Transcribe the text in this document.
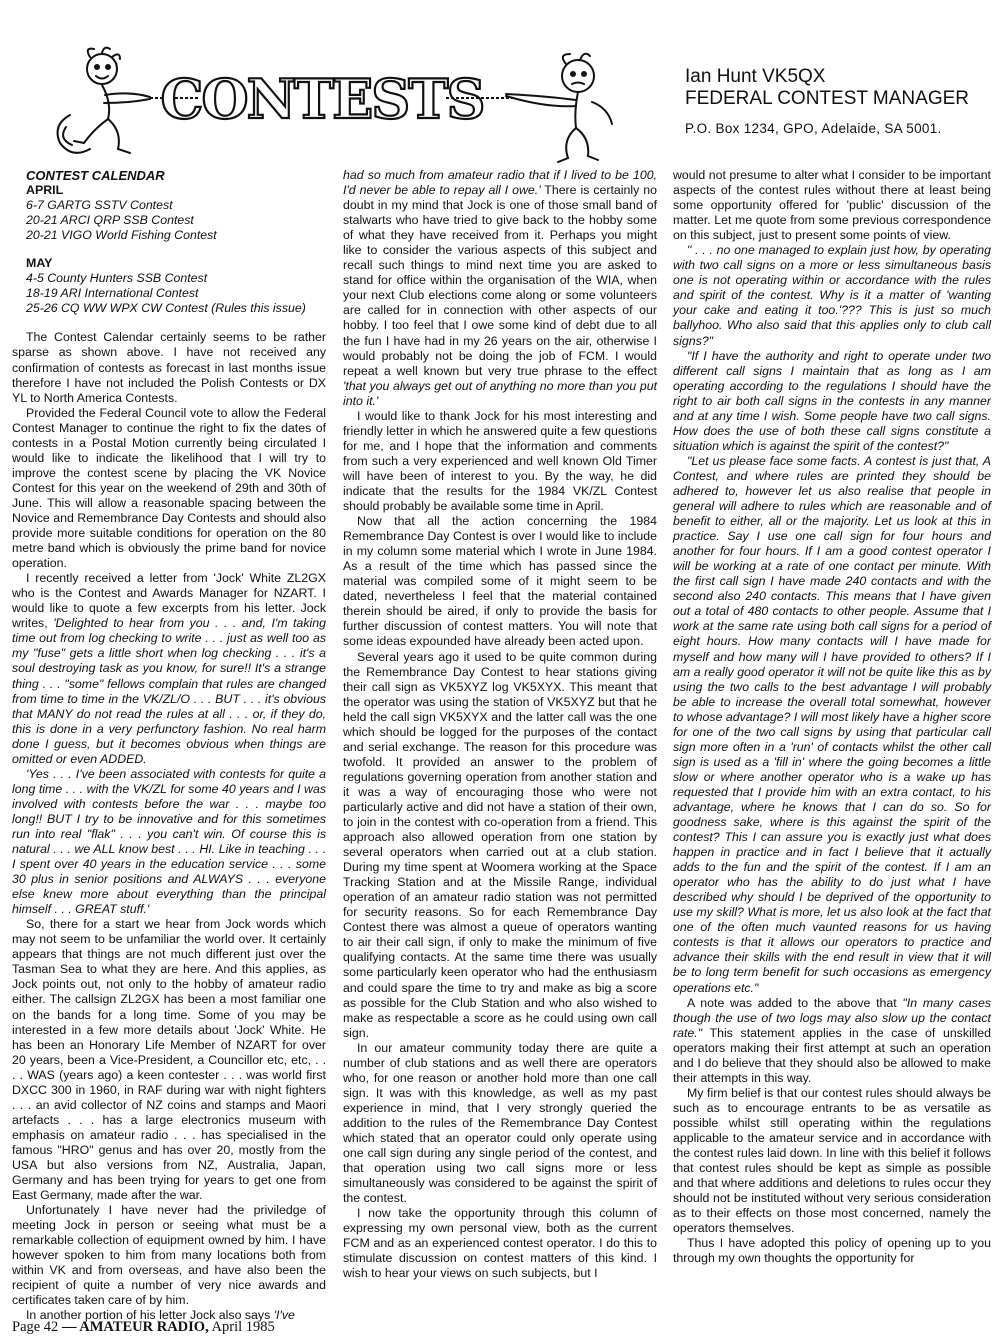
CONTESTS	Ian Hunt VK5QX

FEDERAL CONTEST MANAGER

P.O. Box 1234, GPO, Adelaide, SA 5001.

CONTEST CALENDAR

APRIL

6-7 GARTG SSTV Contest

20-21 ARCI QRP SSB Contest

20-21 VIGO World Fishing Contest

MAY

4-5 County Hunters SSB Contest

18-19 ARI International Contest

25-26 CQ WW WPX CW Contest (Rules this issue)

The Contest Calendar certainly seems to be rather sparse as shown above. I have not received any confirmation of contests as forecast in last months issue therefore I have not included the Polish Contests or DX YL to North America Contests.

Provided the Federal Council vote to allow the Federal Contest Manager to continue the right to fix the dates of contests in a Postal Motion currently being circulated I would like to indicate the likelihood that I will try to improve the contest scene by placing the VK Novice Contest for this year on the weekend of 29th and 30th of June. This will allow a reasonable spacing between the Novice and Remembrance Day Contests and should also provide more suitable conditions for operation on the 80 metre band which is obviously the prime band for novice operation.

I recently received a letter from 'Jock' White ZL2GX who is the Contest and Awards Manager for NZART. I would like to quote a few excerpts from his letter. Jock writes, 'Delighted to hear from you . . . and, I'm taking time out from log checking to write . . . just as well too as my "fuse" gets a little short when log checking . . . it's a soul destroying task as you know, for sure!! It's a strange thing . . . "some" fellows complain that rules are changed from time to time in the VK/ZL/O . . . BUT . . . it's obvious that MANY do not read the rules at all . . . or, if they do, this is done in a very perfunctory fashion. No real harm done I guess, but it becomes obvious when things are omitted or even ADDED.

'Yes . . . I've been associated with contests for quite a long time . . . with the VK/ZL for some 40 years and I was involved with contests before the war . . . maybe too long!! BUT I try to be innovative and for this sometimes run into real "flak" . . . you can't win. Of course this is natural . . . we ALL know best . . . HI. Like in teaching . . . I spent over 40 years in the education service . . . some 30 plus in senior positions and ALWAYS . . . everyone else knew more about everything than the principal himself . . . GREAT stuff.'

So, there for a start we hear from Jock words which may not seem to be unfamiliar the world over. It certainly appears that things are not much different just over the Tasman Sea to what they are here. And this applies, as Jock points out, not only to the hobby of amateur radio either. The callsign ZL2GX has been a most familiar one on the bands for a long time. Some of you may be interested in a few more details about 'Jock' White. He has been an Honorary Life Member of NZART for over 20 years, been a Vice-President, a Councillor etc, etc, . . . . WAS (years ago) a keen contester . . . was world first DXCC 300 in 1960, in RAF during war with night fighters . . . an avid collector of NZ coins and stamps and Maori artefacts . . . has a large electronics museum with emphasis on amateur radio . . . has specialised in the famous "HRO" genus and has over 20, mostly from the USA but also versions from NZ, Australia, Japan, Germany and has been trying for years to get one from East Germany, made after the war.

Unfortunately I have never had the priviledge of meeting Jock in person or seeing what must be a remarkable collection of equipment owned by him. I have however spoken to him from many locations both from within VK and from overseas, and have also been the recipient of quite a number of very nice awards and certificates taken care of by him.

In another portion of his letter Jock also says 'I've

had so much from amateur radio that if I lived to be 100, I'd never be able to repay all I owe.' There is certainly no doubt in my mind that Jock is one of those small band of stalwarts who have tried to give back to the hobby some of what they have received from it. Perhaps you might like to consider the various aspects of this subject and recall such things to mind next time you are asked to stand for office within the organisation of the WIA, when your next Club elections come along or some volunteers are called for in connection with other aspects of our hobby. I too feel that I owe some kind of debt due to all the fun I have had in my 26 years on the air, otherwise I would probably not be doing the job of FCM. I would repeat a well known but very true phrase to the effect 'that you always get out of anything no more than you put into it.'

I would like to thank Jock for his most interesting and friendly letter in which he answered quite a few questions for me, and I hope that the information and comments from such a very experienced and well known Old Timer will have been of interest to you. By the way, he did indicate that the results for the 1984 VK/ZL Contest should probably be available some time in April.

Now that all the action concerning the 1984 Remembrance Day Contest is over I would like to include in my column some material which I wrote in June 1984. As a result of the time which has passed since the material was compiled some of it might seem to be dated, nevertheless I feel that the material contained therein should be aired, if only to provide the basis for further discussion of contest matters. You will note that some ideas expounded have already been acted upon.

Several years ago it used to be quite common during the Remembrance Day Contest to hear stations giving their call sign as VK5XYZ log VK5XYX. This meant that the operator was using the station of VK5XYZ but that he held the call sign VK5XYX and the latter call was the one which should be logged for the purposes of the contact and serial exchange. The reason for this procedure was twofold. It provided an answer to the problem of regulations governing operation from another station and it was a way of encouraging those who were not particularly active and did not have a station of their own, to join in the contest with co-operation from a friend. This approach also allowed operation from one station by several operators when carried out at a club station. During my time spent at Woomera working at the Space Tracking Station and at the Missile Range, individual operation of an amateur radio station was not permitted for security reasons. So for each Remembrance Day Contest there was almost a queue of operators wanting to air their call sign, if only to make the minimum of five qualifying contacts. At the same time there was usually some particularly keen operator who had the enthusiasm and could spare the time to try and make as big a score as possible for the Club Station and who also wished to make as respectable a score as he could using own call sign.

In our amateur community today there are quite a number of club stations and as well there are operators who, for one reason or another hold more than one call sign. It was with this knowledge, as well as my past experience in mind, that I very strongly queried the addition to the rules of the Remembrance Day Contest which stated that an operator could only operate using one call sign during any single period of the contest, and that operation using two call signs more or less simultaneously was considered to be against the spirit of the contest.

I now take the opportunity through this column of expressing my own personal view, both as the current FCM and as an experienced contest operator. I do this to stimulate discussion on contest matters of this kind. I wish to hear your views on such subjects, but I

would not presume to alter what I consider to be important aspects of the contest rules without there at least being some opportunity offered for 'public' discussion of the matter. Let me quote from some previous correspondence on this subject, just to present some points of view.

" . . . no one managed to explain just how, by operating with two call signs on a more or less simultaneous basis one is not operating within or accordance with the rules and spirit of the contest. Why is it a matter of 'wanting your cake and eating it too.'??? This is just so much ballyhoo. Who also said that this applies only to club call signs?"

"If I have the authority and right to operate under two different call signs I maintain that as long as I am operating according to the regulations I should have the right to air both call signs in the contests in any manner and at any time I wish. Some people have two call signs. How does the use of both these call signs constitute a situation which is against the spirit of the contest?"

"Let us please face some facts. A contest is just that, A Contest, and where rules are printed they should be adhered to, however let us also realise that people in general will adhere to rules which are reasonable and of benefit to either, all or the majority. Let us look at this in practice. Say I use one call sign for four hours and another for four hours. If I am a good contest operator I will be working at a rate of one contact per minute. With the first call sign I have made 240 contacts and with the second also 240 contacts. This means that I have given out a total of 480 contacts to other people. Assume that I work at the same rate using both call signs for a period of eight hours. How many contacts will I have made for myself and how many will I have provided to others? If I am a really good operator it will not be quite like this as by using the two calls to the best advantage I will probably be able to increase the overall total somewhat, however to whose advantage? I will most likely have a higher score for one of the two call signs by using that particular call sign more often in a 'run' of contacts whilst the other call sign is used as a 'fill in' where the going becomes a little slow or where another operator who is a wake up has requested that I provide him with an extra contact, to his advantage, where he knows that I can do so. So for goodness sake, where is this against the spirit of the contest? This I can assure you is exactly just what does happen in practice and in fact I believe that it actually adds to the fun and the spirit of the contest. If I am an operator who has the ability to do just what I have described why should I be deprived of the opportunity to use my skill? What is more, let us also look at the fact that one of the often much vaunted reasons for us having contests is that it allows our operators to practice and advance their skills with the end result in view that it will be to long term benefit for such occasions as emergency operations etc."

A note was added to the above that "In many cases though the use of two logs may also slow up the contact rate." This statement applies in the case of unskilled operators making their first attempt at such an operation and I do believe that they should also be allowed to make their attempts in this way.

My firm belief is that our contest rules should always be such as to encourage entrants to be as versatile as possible whilst still operating within the regulations applicable to the amateur service and in accordance with the contest rules laid down. In line with this belief it follows that contest rules should be kept as simple as possible and that where additions and deletions to rules occur they should not be instituted without very serious consideration as to their effects on those most concerned, namely the operators themselves.

Thus I have adopted this policy of opening up to you through my own thoughts the opportunity for

Page 42 — AMATEUR RADIO, April 1985
